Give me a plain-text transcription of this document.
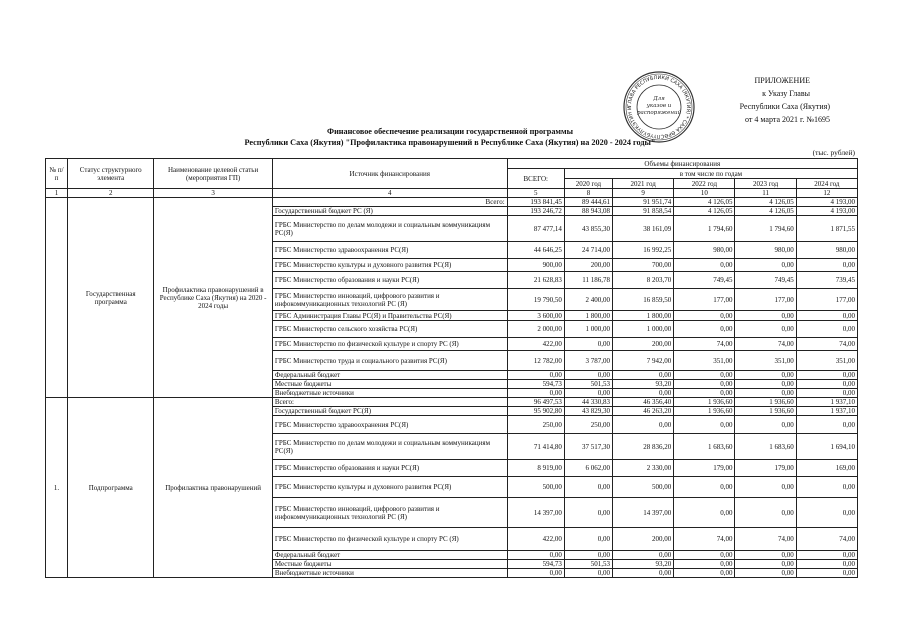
ГЛАВА РЕСПУБЛИКИ САХА (ЯКУТИЯ) * САХА ӨРӨСПҮҮБҮЛҮКЭТИН И
Для
указов и
распоряжений
ПРИЛОЖЕНИЕ
к Указу Главы
Республики Саха (Якутия)
от 4 марта 2021 г. №1695
Финансовое обеспечение реализации государственной программы
Республики Саха (Якутия) "Профилактика правонарушений в Республике Саха (Якутия) на 2020 - 2024 годы"
(тыс. рублей)
№ п/п	Статус структурного элемента	Наименование целевой статьи (мероприятия ГП)	Источник финансирования	Объемы финансирования					
				ВСЕГО:	в том числе по годам				
					2020 год	2021 год	2022 год	2023 год	2024 год
1	2	3	4	5	8	9	10	11	12
	Государственная программа	Профилактика правонарушений в Республике Саха (Якутия) на 2020 - 2024 годы	Всего:	193 841,45	89 444,61	91 951,74	4 126,05	4 126,05	4 193,00
			Государственный бюджет РС (Я)	193 246,72	88 943,08	91 858,54	4 126,05	4 126,05	4 193,00
			ГРБС Министерство по делам молодежи и социальным коммуникациям РС(Я)	87 477,14	43 855,30	38 161,09	1 794,60	1 794,60	1 871,55
			ГРБС Министерство здравоохранения РС(Я)	44 646,25	24 714,00	16 992,25	980,00	980,00	980,00
			ГРБС Министерство культуры и духовного развития РС(Я)	900,00	200,00	700,00	0,00	0,00	0,00
			ГРБС Министерство образования и науки РС(Я)	21 628,83	11 186,78	8 203,70	749,45	749,45	739,45
			ГРБС Министерство инноваций, цифрового развития и инфокоммуникационных технологий РС (Я)	19 790,50	2 400,00	16 859,50	177,00	177,00	177,00
			ГРБС Администрация Главы РС(Я) и Правительства РС(Я)	3 600,00	1 800,00	1 800,00	0,00	0,00	0,00
			ГРБС Министерство сельского хозяйства РС(Я)	2 000,00	1 000,00	1 000,00	0,00	0,00	0,00
			ГРБС Министерство по физической культуре и спорту РС (Я)	422,00	0,00	200,00	74,00	74,00	74,00
			ГРБС Министерство труда и социального развития РС(Я)	12 782,00	3 787,00	7 942,00	351,00	351,00	351,00
			Федеральный бюджет	0,00	0,00	0,00	0,00	0,00	0,00
			Местные бюджеты	594,73	501,53	93,20	0,00	0,00	0,00
			Внебюджетные источники	0,00	0,00	0,00	0,00	0,00	0,00
1.	Подпрограмма	Профилактика правонарушений	Всего:	96 497,53	44 330,83	46 356,40	1 936,60	1 936,60	1 937,10
			Государственный бюджет РС(Я)	95 902,80	43 829,30	46 263,20	1 936,60	1 936,60	1 937,10
			ГРБС Министерство здравоохранения РС(Я)	250,00	250,00	0,00	0,00	0,00	0,00
			ГРБС Министерство по делам молодежи и социальным коммуникациям РС(Я)	71 414,80	37 517,30	28 836,20	1 683,60	1 683,60	1 694,10
			ГРБС Министерство образования и науки РС(Я)	8 919,00	6 062,00	2 330,00	179,00	179,00	169,00
			ГРБС Министерство культуры и духовного развития РС(Я)	500,00	0,00	500,00	0,00	0,00	0,00
			ГРБС Министерство инноваций, цифрового развития и инфокоммуникационных технологий РС (Я)	14 397,00	0,00	14 397,00	0,00	0,00	0,00
			ГРБС Министерство по физической культуре и спорту РС (Я)	422,00	0,00	200,00	74,00	74,00	74,00
			Федеральный бюджет	0,00	0,00	0,00	0,00	0,00	0,00
			Местные бюджеты	594,73	501,53	93,20	0,00	0,00	0,00
			Внебюджетные источники	0,00	0,00	0,00	0,00	0,00	0,00
